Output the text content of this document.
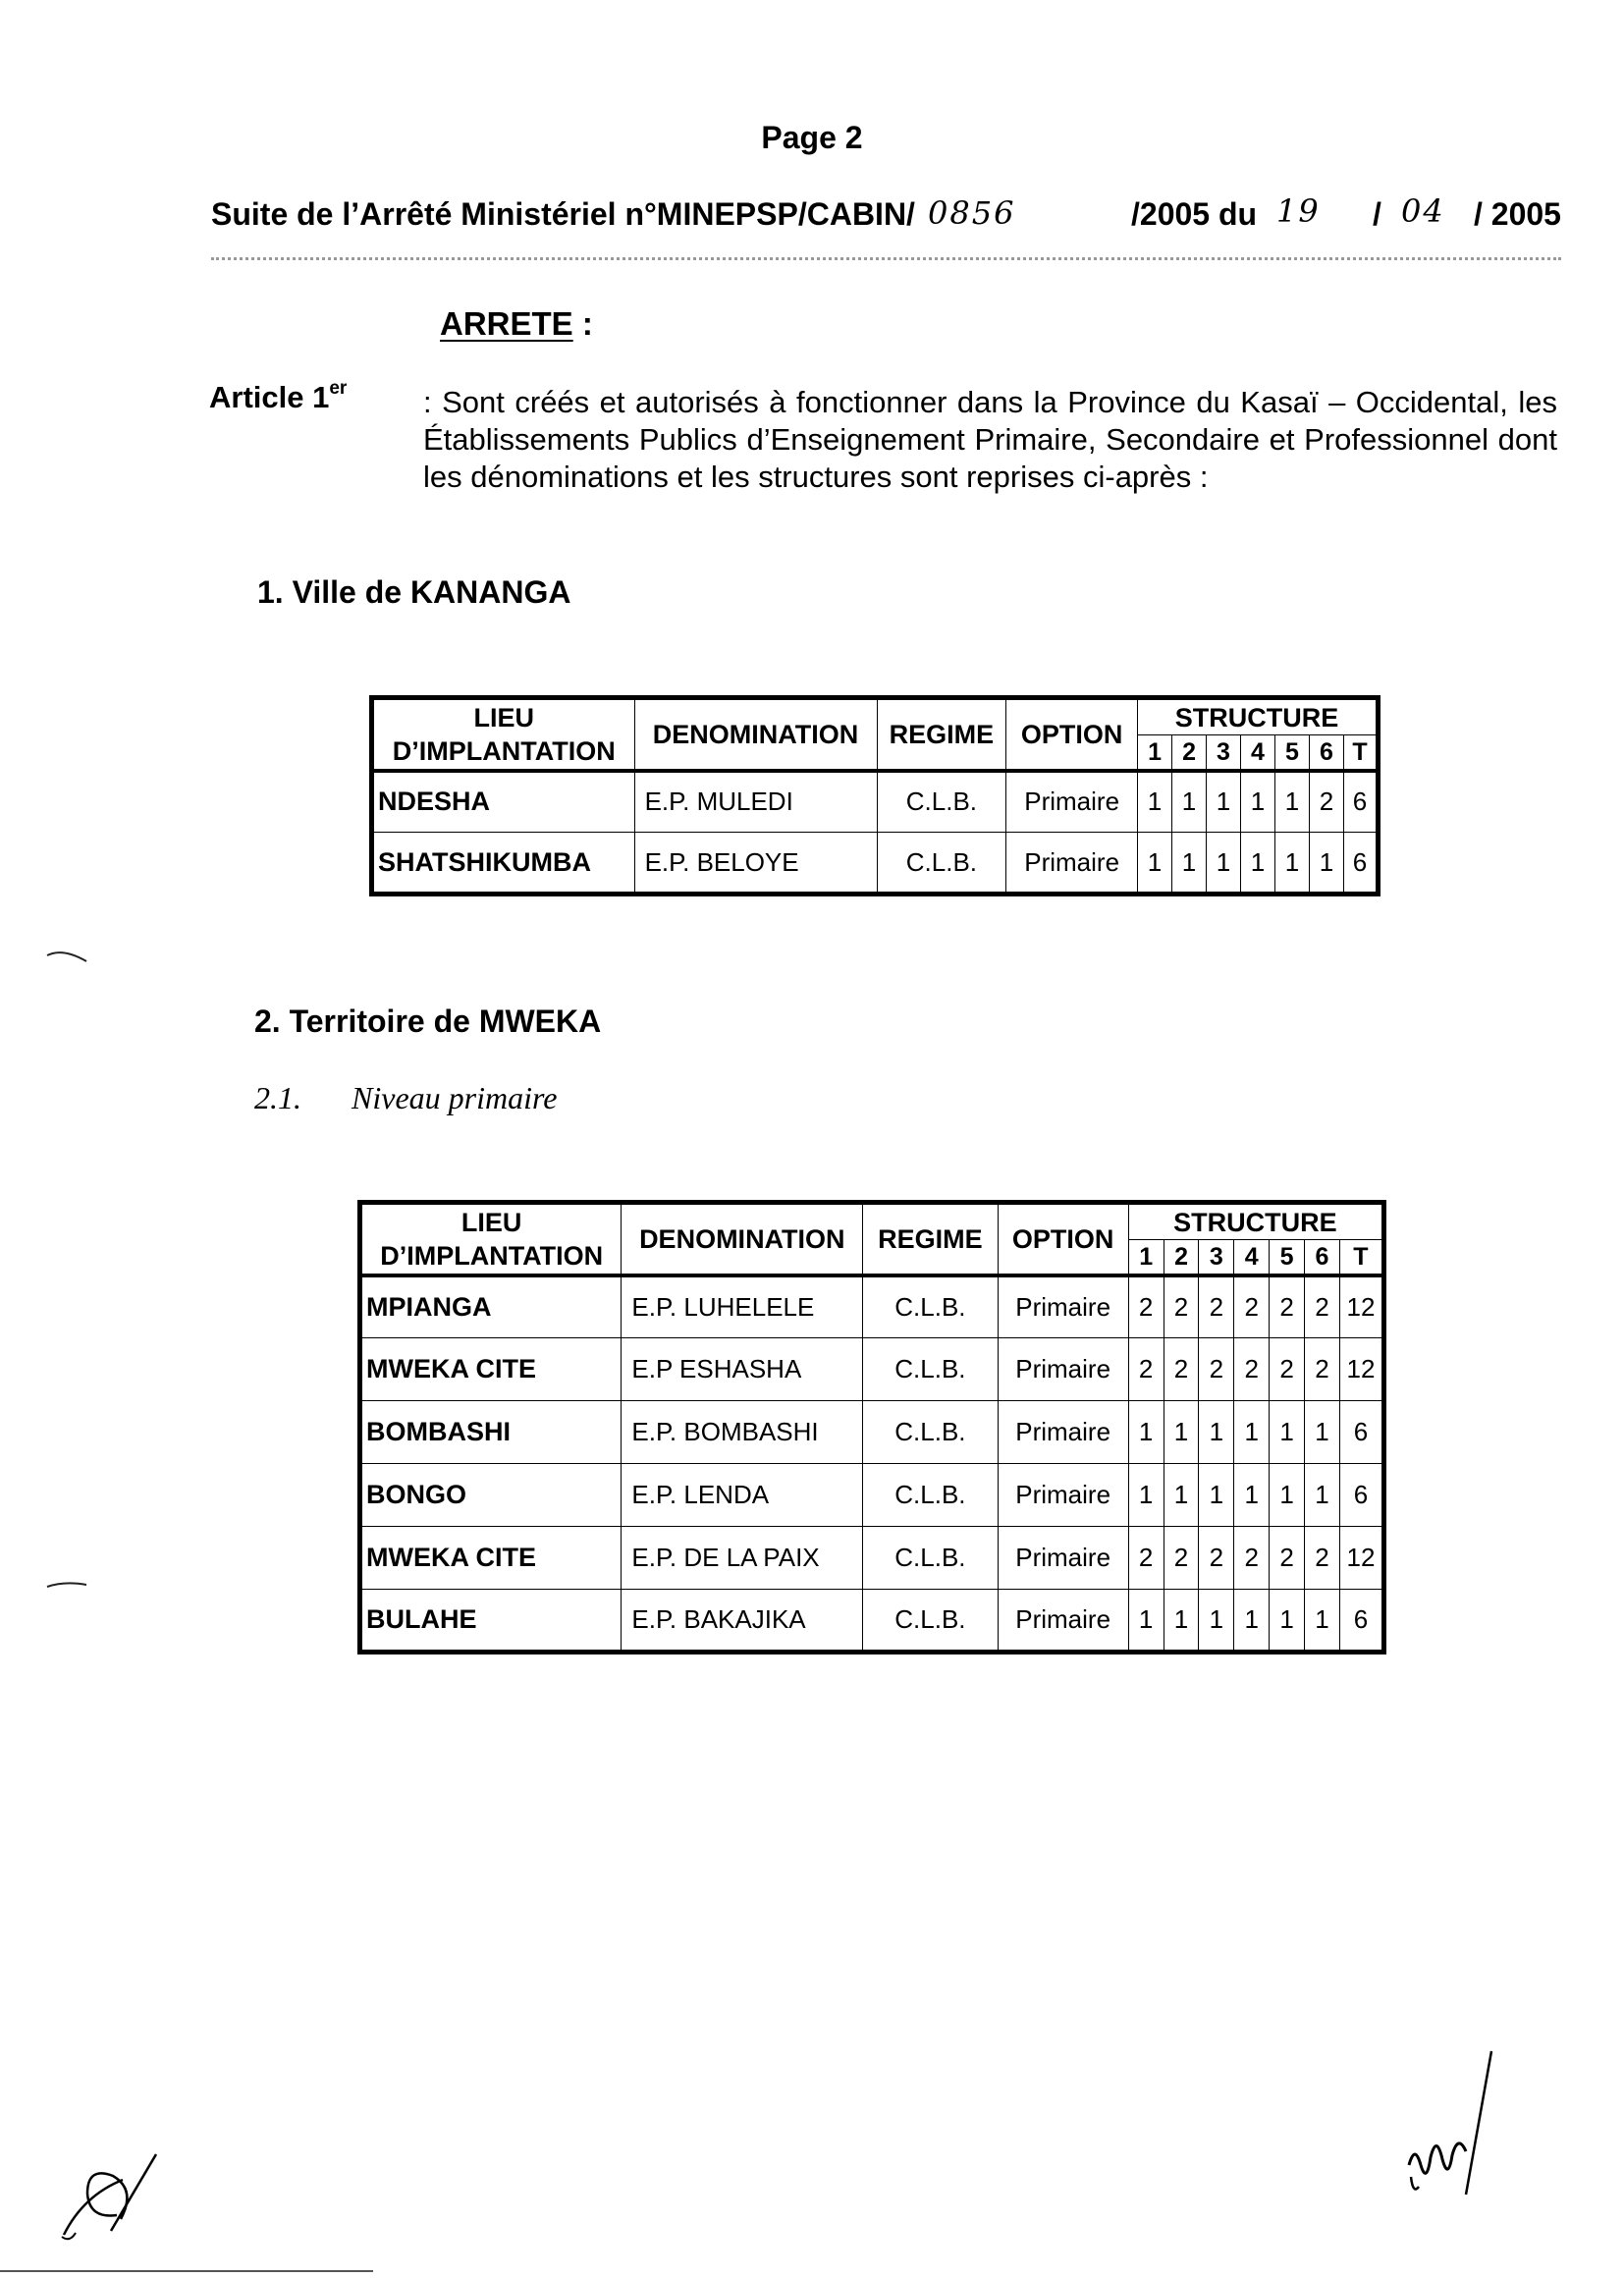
Page 2
Suite de l’Arrêté Ministériel n°MINEPSP/CABIN/ 0856	/2005 du 19 / 04 / 2005
ARRETE :
Article 1er	: Sont créés et autorisés à fonctionner dans la Province du Kasaï – Occidental, les Établissements Publics d’Enseignement Primaire, Secondaire et Professionnel dont les dénominations et les structures sont reprises ci-après :
1. Ville de KANANGA
LIEU
D’IMPLANTATION	DENOMINATION	REGIME	OPTION	STRUCTURE						
				1	2	3	4	5	6	T
NDESHA	E.P. MULEDI	C.L.B.	Primaire	1	1	1	1	1	2	6
SHATSHIKUMBA	E.P. BELOYE	C.L.B.	Primaire	1	1	1	1	1	1	6
2. Territoire de MWEKA
2.1. Niveau primaire
LIEU
D’IMPLANTATION	DENOMINATION	REGIME	OPTION	STRUCTURE						
				1	2	3	4	5	6	T
MPIANGA	E.P. LUHELELE	C.L.B.	Primaire	2	2	2	2	2	2	12
MWEKA CITE	E.P ESHASHA	C.L.B.	Primaire	2	2	2	2	2	2	12
BOMBASHI	E.P. BOMBASHI	C.L.B.	Primaire	1	1	1	1	1	1	6
BONGO	E.P. LENDA	C.L.B.	Primaire	1	1	1	1	1	1	6
MWEKA CITE	E.P. DE LA PAIX	C.L.B.	Primaire	2	2	2	2	2	2	12
BULAHE	E.P. BAKAJIKA	C.L.B.	Primaire	1	1	1	1	1	1	6
